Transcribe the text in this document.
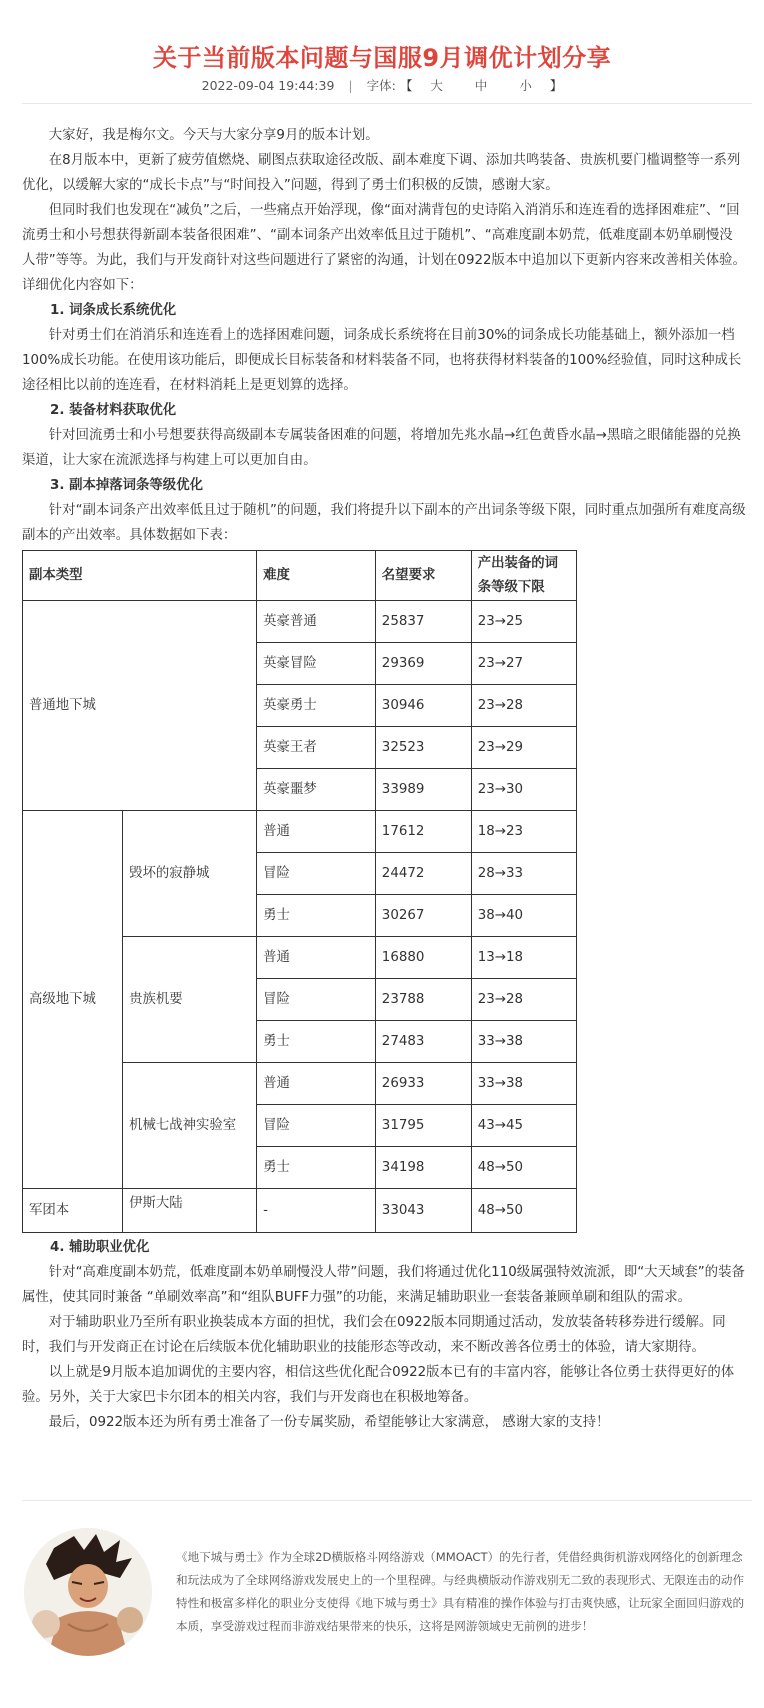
关于当前版本问题与国服9月调优计划分享
2022-09-04 19:44:39 | 字体: 【 大	中	小 】

大家好，我是梅尔文。今天与大家分享9月的版本计划。

在8月版本中，更新了疲劳值燃烧、刷图点获取途径改版、副本难度下调、添加共鸣装备、贵族机要门槛调整等一系列优化，以缓解大家的“成长卡点”与“时间投入”问题，得到了勇士们积极的反馈，感谢大家。

但同时我们也发现在“减负”之后，一些痛点开始浮现，像“面对满背包的史诗陷入消消乐和连连看的选择困难症”、“回流勇士和小号想获得新副本装备很困难”、“副本词条产出效率低且过于随机”、“高难度副本奶荒，低难度副本奶单刷慢没人带”等等。为此，我们与开发商针对这些问题进行了紧密的沟通，计划在0922版本中追加以下更新内容来改善相关体验。详细优化内容如下：

1. 词条成长系统优化

针对勇士们在消消乐和连连看上的选择困难问题，词条成长系统将在目前30%的词条成长功能基础上，额外添加一档100%成长功能。在使用该功能后，即便成长目标装备和材料装备不同，也将获得材料装备的100%经验值，同时这种成长途径相比以前的连连看，在材料消耗上是更划算的选择。

2. 装备材料获取优化

针对回流勇士和小号想要获得高级副本专属装备困难的问题，将增加先兆水晶→红色黄昏水晶→黑暗之眼储能器的兑换渠道，让大家在流派选择与构建上可以更加自由。

3. 副本掉落词条等级优化

针对“副本词条产出效率低且过于随机”的问题，我们将提升以下副本的产出词条等级下限，同时重点加强所有难度高级副本的产出效率。具体数据如下表：

副本类型		难度	名望要求	产出装备的词条等级下限
普通地下城		英豪普通	25837	23→25
		英豪冒险	29369	23→27
		英豪勇士	30946	23→28
		英豪王者	32523	23→29
		英豪噩梦	33989	23→30
高级地下城	毁坏的寂静城	普通	17612	18→23
		冒险	24472	28→33
		勇士	30267	38→40
	贵族机要	普通	16880	13→18
		冒险	23788	23→28
		勇士	27483	33→38
	机械七战神实验室	普通	26933	33→38
		冒险	31795	43→45
		勇士	34198	48→50
军团本	伊斯大陆	-	33043	48→50
4. 辅助职业优化

针对“高难度副本奶荒，低难度副本奶单刷慢没人带”问题，我们将通过优化110级属强特效流派，即“大天域套”的装备属性，使其同时兼备 “单刷效率高”和“组队BUFF力强”的功能，来满足辅助职业一套装备兼顾单刷和组队的需求。

对于辅助职业乃至所有职业换装成本方面的担忧，我们会在0922版本同期通过活动，发放装备转移券进行缓解。同时，我们与开发商正在讨论在后续版本优化辅助职业的技能形态等改动，来不断改善各位勇士的体验，请大家期待。

以上就是9月版本追加调优的主要内容，相信这些优化配合0922版本已有的丰富内容，能够让各位勇士获得更好的体验。另外，关于大家巴卡尔团本的相关内容，我们与开发商也在积极地筹备。

最后，0922版本还为所有勇士准备了一份专属奖励，希望能够让大家满意， 感谢大家的支持！

《地下城与勇士》作为全球2D横版格斗网络游戏（MMOACT）的先行者，凭借经典街机游戏网络化的创新理念和玩法成为了全球网络游戏发展史上的一个里程碑。与经典横版动作游戏别无二致的表现形式、无限连击的动作特性和极富多样化的职业分支使得《地下城与勇士》具有精准的操作体验与打击爽快感，让玩家全面回归游戏的本质，享受游戏过程而非游戏结果带来的快乐，这将是网游领域史无前例的进步！
